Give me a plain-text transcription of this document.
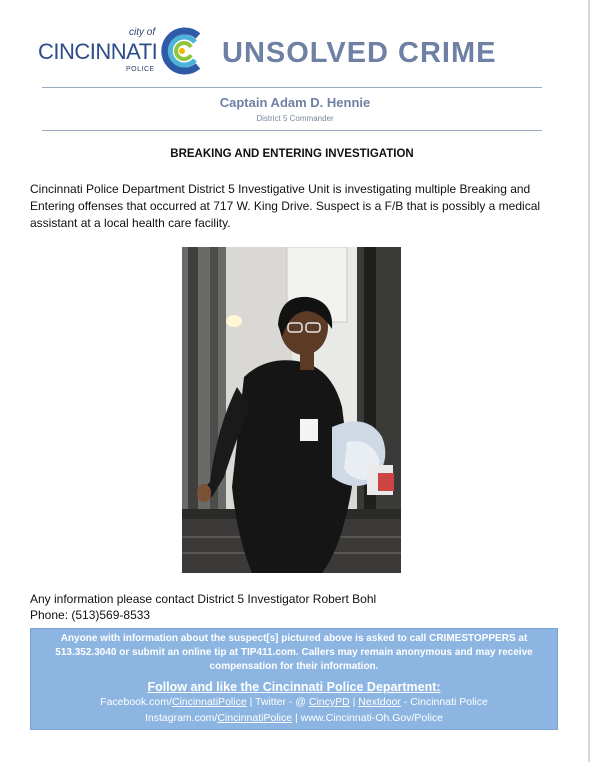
city of
CINCINNATI
POLICE
UNSOLVED CRIME
Captain Adam D. Hennie
District 5 Commander
BREAKING AND ENTERING INVESTIGATION
Cincinnati Police Department District 5 Investigative Unit is investigating multiple Breaking and Entering offenses that occurred at 717 W. King Drive. Suspect is a F/B that is possibly a medical assistant at a local health care facility.
Any information please contact District 5 Investigator Robert Bohl
Phone: (513)569-8533
Anyone with information about the suspect[s] pictured above is asked to call CRIMESTOPPERS at 513.352.3040 or submit an online tip at TIP411.com. Callers may remain anonymous and may receive compensation for their information.
Follow and like the Cincinnati Police Department:
Facebook.com/CincinnatiPolice | Twitter - @ CincyPD | Nextdoor - Cincinnati Police
Instagram.com/CincinnatiPolice | www.Cincinnati-Oh.Gov/Police
